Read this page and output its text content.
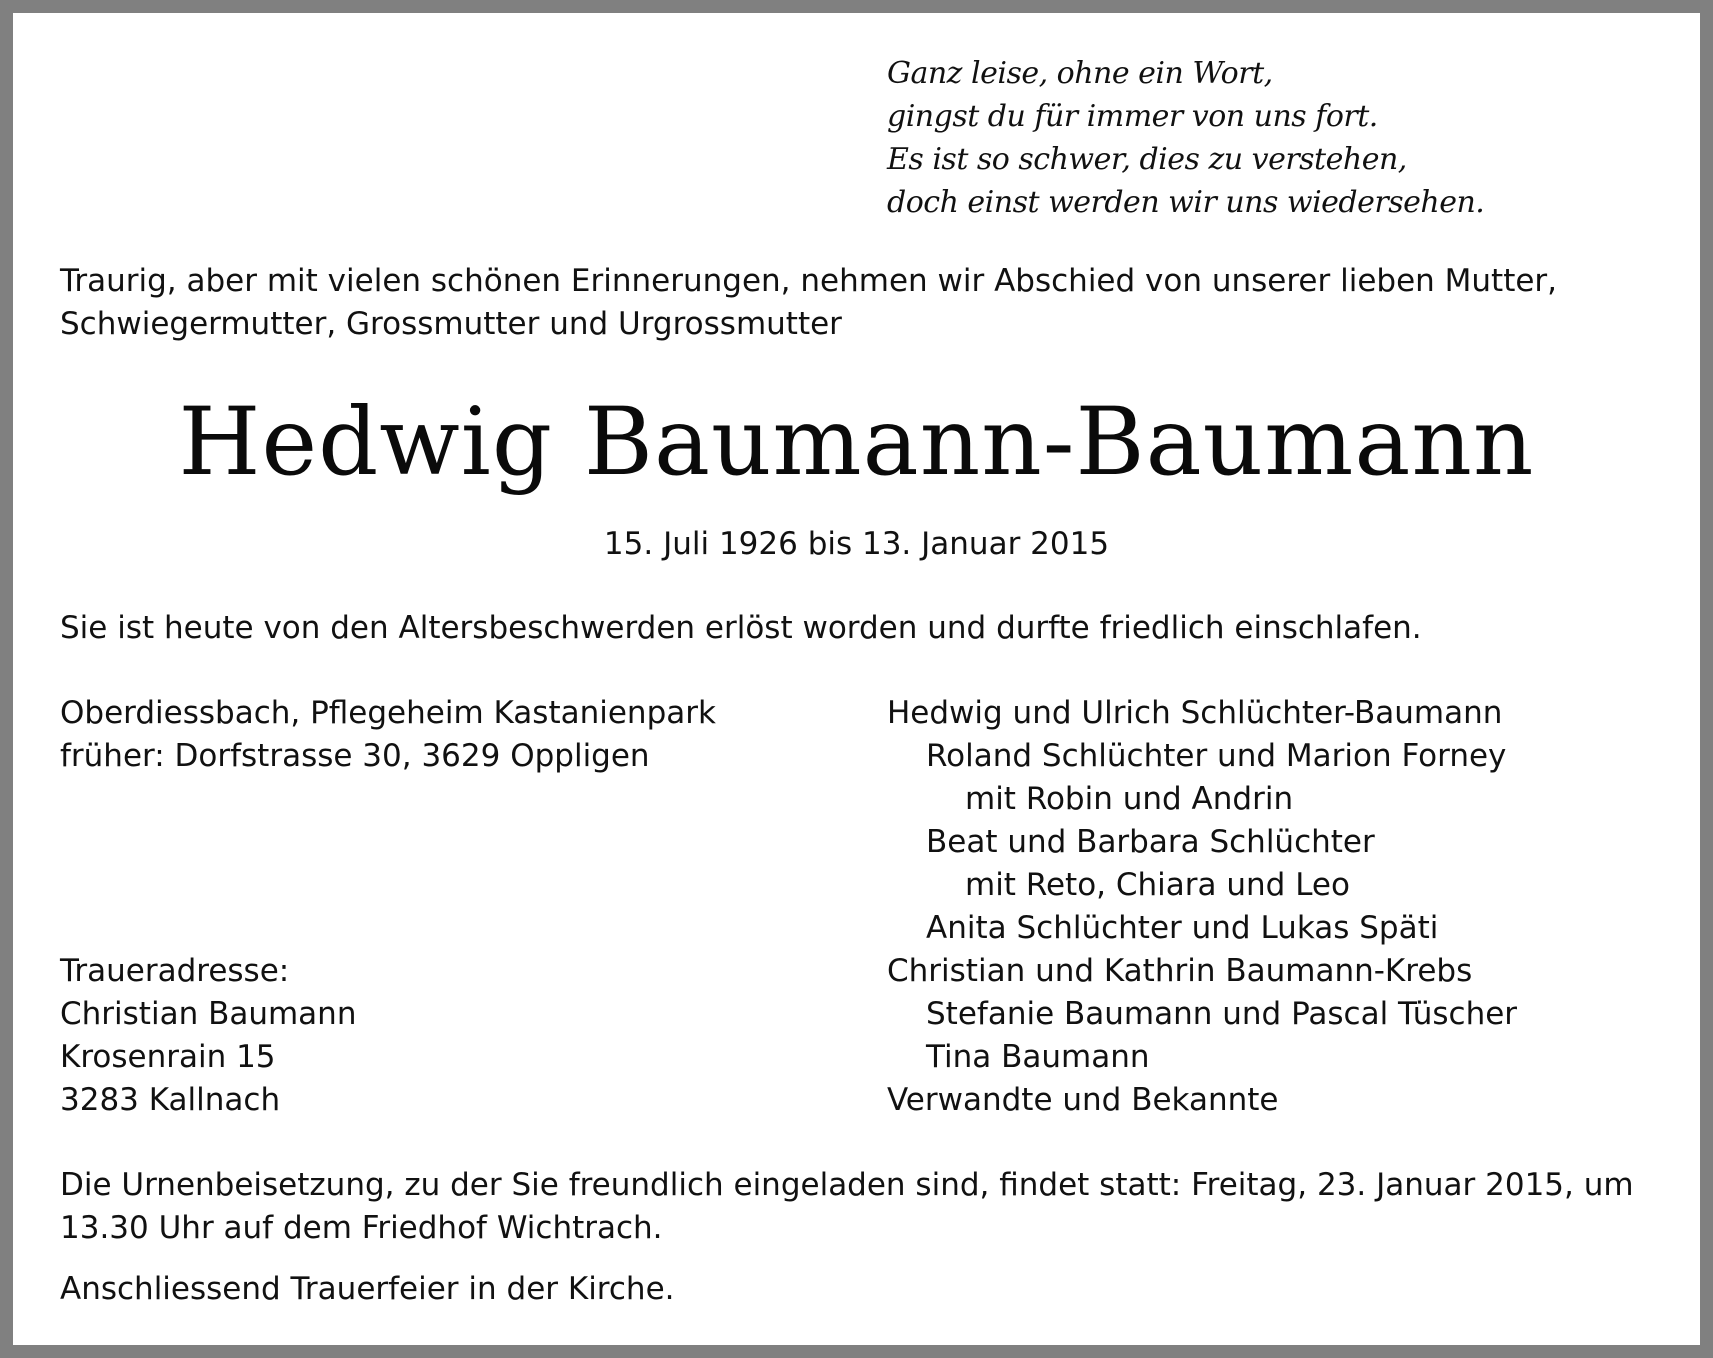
Ganz leise, ohne ein Wort,
gingst du für immer von uns fort.
Es ist so schwer, dies zu verstehen,
doch einst werden wir uns wiedersehen.
Traurig, aber mit vielen schönen Erinnerungen, nehmen wir Abschied von unserer lieben Mutter,
Schwiegermutter, Grossmutter und Urgrossmutter
Hedwig Baumann-Baumann
15. Juli 1926 bis 13. Januar 2015
Sie ist heute von den Altersbeschwerden erlöst worden und durfte friedlich einschlafen.
Oberdiessbach, Pflegeheim Kastanienpark
früher: Dorfstrasse 30, 3629 Oppligen
Traueradresse:
Christian Baumann
Krosenrain 15
3283 Kallnach
Hedwig und Ulrich Schlüchter-Baumann
Roland Schlüchter und Marion Forney
mit Robin und Andrin
Beat und Barbara Schlüchter
mit Reto, Chiara und Leo
Anita Schlüchter und Lukas Späti
Christian und Kathrin Baumann-Krebs
Stefanie Baumann und Pascal Tüscher
Tina Baumann
Verwandte und Bekannte
Die Urnenbeisetzung, zu der Sie freundlich eingeladen sind, findet statt: Freitag, 23. Januar 2015, um
13.30 Uhr auf dem Friedhof Wichtrach.
Anschliessend Trauerfeier in der Kirche.
